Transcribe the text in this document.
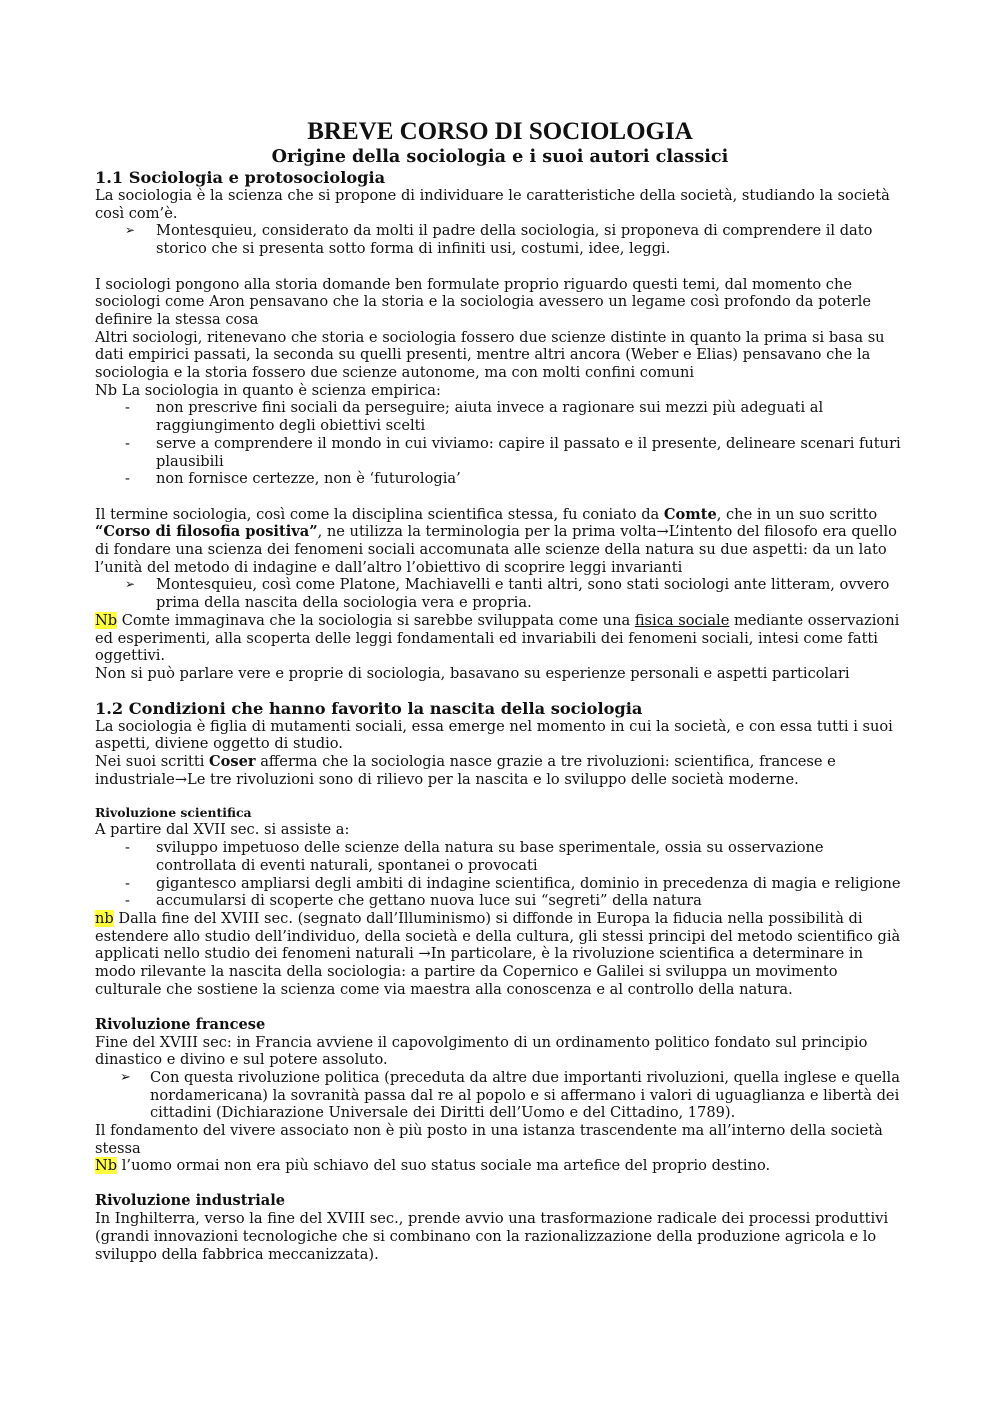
BREVE CORSO DI SOCIOLOGIA
Origine della sociologia e i suoi autori classici
1.1 Sociologia e protosociologia

La sociologia è la scienza che si propone di individuare le caratteristiche della società, studiando la società così com’è.

➢ Montesquieu, considerato da molti il padre della sociologia, si proponeva di comprendere il dato storico che si presenta sotto forma di infiniti usi, costumi, idee, leggi.

I sociologi pongono alla storia domande ben formulate proprio riguardo questi temi, dal momento che sociologi come Aron pensavano che la storia e la sociologia avessero un legame così profondo da poterle definire la stessa cosa

Altri sociologi, ritenevano che storia e sociologia fossero due scienze distinte in quanto la prima si basa su dati empirici passati, la seconda su quelli presenti, mentre altri ancora (Weber e Elias) pensavano che la sociologia e la storia fossero due scienze autonome, ma con molti confini comuni

Nb La sociologia in quanto è scienza empirica:

- non prescrive fini sociali da perseguire; aiuta invece a ragionare sui mezzi più adeguati al raggiungimento degli obiettivi scelti
- serve a comprendere il mondo in cui viviamo: capire il passato e il presente, delineare scenari futuri plausibili
- non fornisce certezze, non è ‘futurologia’

Il termine sociologia, così come la disciplina scientifica stessa, fu coniato da Comte, che in un suo scritto “Corso di filosofia positiva”, ne utilizza la terminologia per la prima volta→L’intento del filosofo era quello di fondare una scienza dei fenomeni sociali accomunata alle scienze della natura su due aspetti: da un lato l’unità del metodo di indagine e dall’altro l’obiettivo di scoprire leggi invarianti

➢ Montesquieu, così come Platone, Machiavelli e tanti altri, sono stati sociologi ante litteram, ovvero prima della nascita della sociologia vera e propria.

Nb Comte immaginava che la sociologia si sarebbe sviluppata come una fisica sociale mediante osservazioni ed esperimenti, alla scoperta delle leggi fondamentali ed invariabili dei fenomeni sociali, intesi come fatti oggettivi.

Non si può parlare vere e proprie di sociologia, basavano su esperienze personali e aspetti particolari

1.2 Condizioni che hanno favorito la nascita della sociologia

La sociologia è figlia di mutamenti sociali, essa emerge nel momento in cui la società, e con essa tutti i suoi aspetti, diviene oggetto di studio.

Nei suoi scritti Coser afferma che la sociologia nasce grazie a tre rivoluzioni: scientifica, francese e industriale→Le tre rivoluzioni sono di rilievo per la nascita e lo sviluppo delle società moderne.

Rivoluzione scientifica

A partire dal XVII sec. si assiste a:

- sviluppo impetuoso delle scienze della natura su base sperimentale, ossia su osservazione controllata di eventi naturali, spontanei o provocati
- gigantesco ampliarsi degli ambiti di indagine scientifica, dominio in precedenza di magia e religione
- accumularsi di scoperte che gettano nuova luce sui “segreti” della natura

nb Dalla fine del XVIII sec. (segnato dall’Illuminismo) si diffonde in Europa la fiducia nella possibilità di estendere allo studio dell’individuo, della società e della cultura, gli stessi principi del metodo scientifico già applicati nello studio dei fenomeni naturali →In particolare, è la rivoluzione scientifica a determinare in modo rilevante la nascita della sociologia: a partire da Copernico e Galilei si sviluppa un movimento culturale che sostiene la scienza come via maestra alla conoscenza e al controllo della natura.

Rivoluzione francese

Fine del XVIII sec: in Francia avviene il capovolgimento di un ordinamento politico fondato sul principio dinastico e divino e sul potere assoluto.

➢ Con questa rivoluzione politica (preceduta da altre due importanti rivoluzioni, quella inglese e quella nordamericana) la sovranità passa dal re al popolo e si affermano i valori di uguaglianza e libertà dei cittadini (Dichiarazione Universale dei Diritti dell’Uomo e del Cittadino, 1789).

Il fondamento del vivere associato non è più posto in una istanza trascendente ma all’interno della società stessa

Nb l’uomo ormai non era più schiavo del suo status sociale ma artefice del proprio destino.

Rivoluzione industriale

In Inghilterra, verso la fine del XVIII sec., prende avvio una trasformazione radicale dei processi produttivi (grandi innovazioni tecnologiche che si combinano con la razionalizzazione della produzione agricola e lo sviluppo della fabbrica meccanizzata).
